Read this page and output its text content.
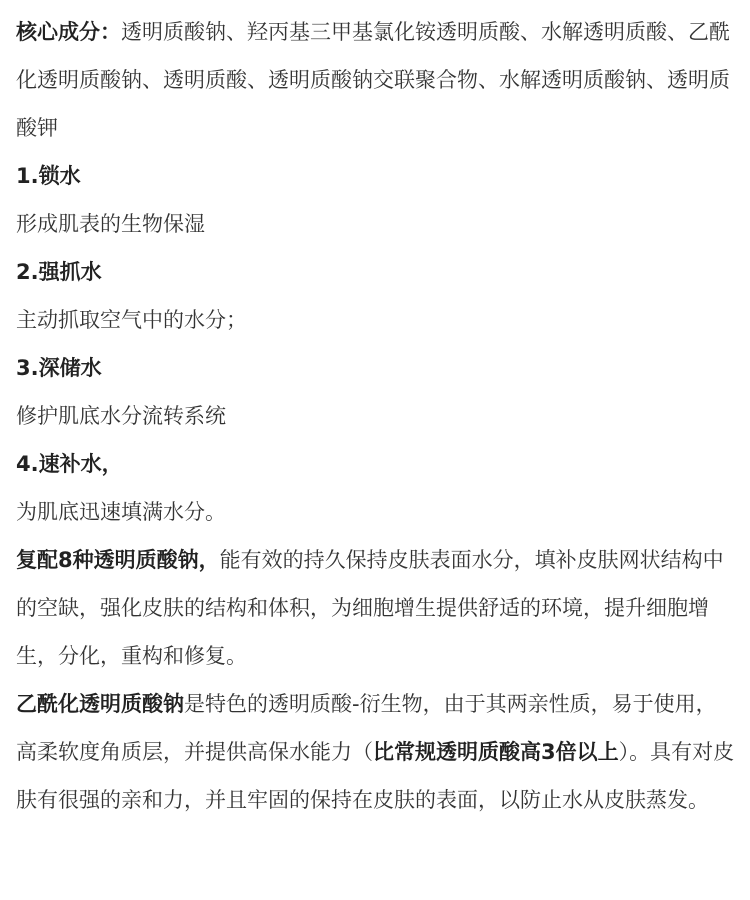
核心成分：透明质酸钠、羟丙基三甲基氯化铵透明质酸、水解透明质酸、乙酰化透明质酸钠、透明质酸、透明质酸钠交联聚合物、水解透明质酸钠、透明质酸钾

1.锁水

形成肌表的生物保湿

2.强抓水

主动抓取空气中的水分；

3.深储水

修护肌底水分流转系统

4.速补水，

为肌底迅速填满水分。

复配8种透明质酸钠，能有效的持久保持皮肤表面水分，填补皮肤网状结构中的空缺，强化皮肤的结构和体积，为细胞增生提供舒适的环境，提升细胞增生，分化，重构和修复。

乙酰化透明质酸钠是特色的透明质酸-衍生物，由于其两亲性质，易于使用，高柔软度角质层，并提供高保水能力（比常规透明质酸高3倍以上）。具有对皮肤有很强的亲和力，并且牢固的保持在皮肤的表面，以防止水从皮肤蒸发。
